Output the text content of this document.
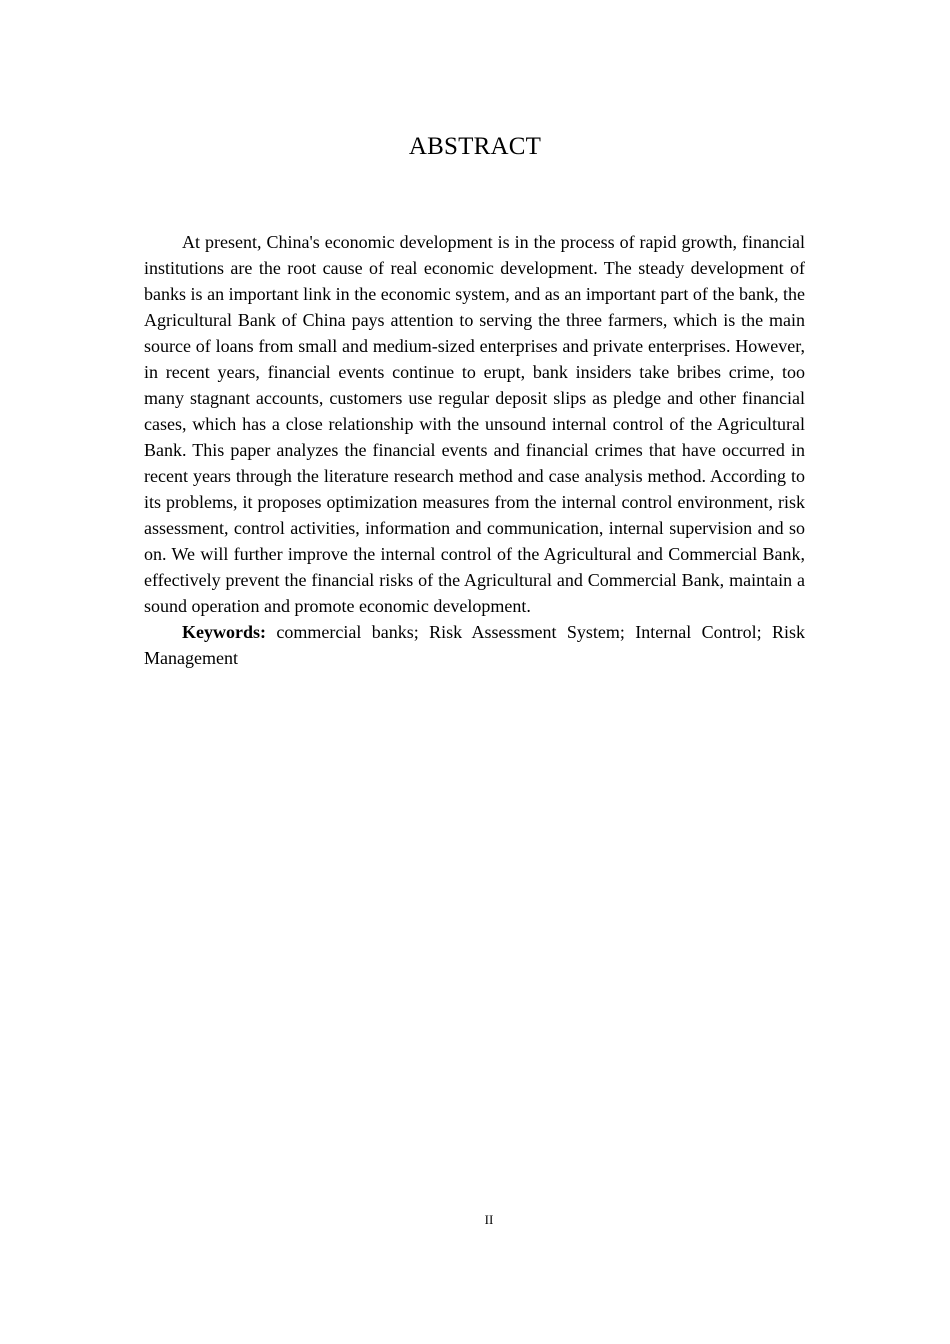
ABSTRACT

At present, China's economic development is in the process of rapid growth, financial institutions are the root cause of real economic development. The steady development of banks is an important link in the economic system, and as an important part of the bank, the Agricultural Bank of China pays attention to serving the three farmers, which is the main source of loans from small and medium-sized enterprises and private enterprises. However, in recent years, financial events continue to erupt, bank insiders take bribes crime, too many stagnant accounts, customers use regular deposit slips as pledge and other financial cases, which has a close relationship with the unsound internal control of the Agricultural Bank. This paper analyzes the financial events and financial crimes that have occurred in recent years through the literature research method and case analysis method. According to its problems, it proposes optimization measures from the internal control environment, risk assessment, control activities, information and communication, internal supervision and so on. We will further improve the internal control of the Agricultural and Commercial Bank, effectively prevent the financial risks of the Agricultural and Commercial Bank, maintain a sound operation and promote economic development.

Keywords: commercial banks; Risk Assessment System; Internal Control; Risk Management

II
